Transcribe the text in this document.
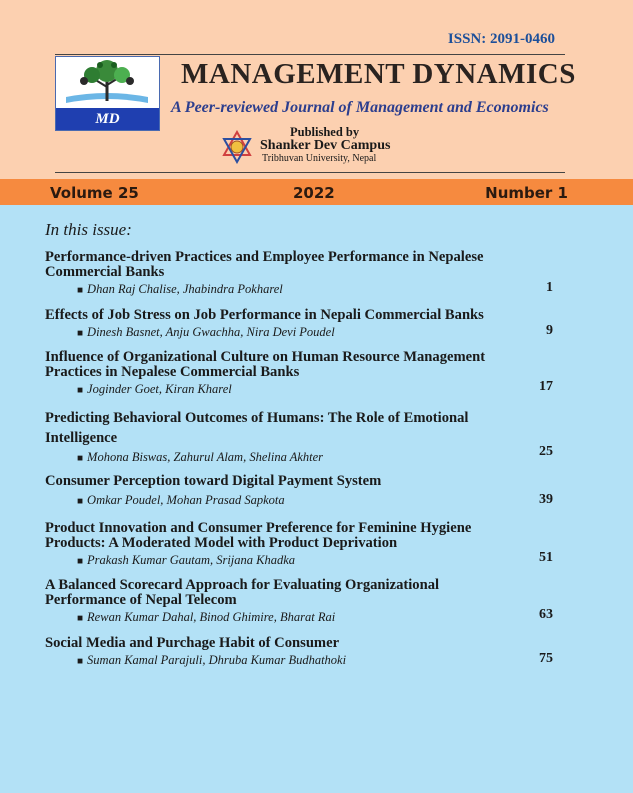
ISSN: 2091-0460
MD
MANAGEMENT DYNAMICS
A Peer-reviewed Journal of Management and Economics
Published by
Shanker Dev Campus
Tribhuvan University, Nepal
Volume 25	2022	Number 1
In this issue:
Performance-driven Practices and Employee Performance in Nepalese Commercial Banks
■ Dhan Raj Chalise, Jhabindra Pokharel	1
Effects of Job Stress on Job Performance in Nepali Commercial Banks
■ Dinesh Basnet, Anju Gwachha, Nira Devi Poudel	9
Influence of Organizational Culture on Human Resource Management Practices in Nepalese Commercial Banks
■ Joginder Goet, Kiran Kharel	17
Predicting Behavioral Outcomes of Humans: The Role of Emotional Intelligence
■ Mohona Biswas, Zahurul Alam, Shelina Akhter	25
Consumer Perception toward Digital Payment System
■ Omkar Poudel, Mohan Prasad Sapkota	39
Product Innovation and Consumer Preference for Feminine Hygiene Products: A Moderated Model with Product Deprivation
■ Prakash Kumar Gautam, Srijana Khadka	51
A Balanced Scorecard Approach for Evaluating Organizational Performance of Nepal Telecom
■ Rewan Kumar Dahal, Binod Ghimire, Bharat Rai	63
Social Media and Purchage Habit of Consumer
■ Suman Kamal Parajuli, Dhruba Kumar Budhathoki	75
